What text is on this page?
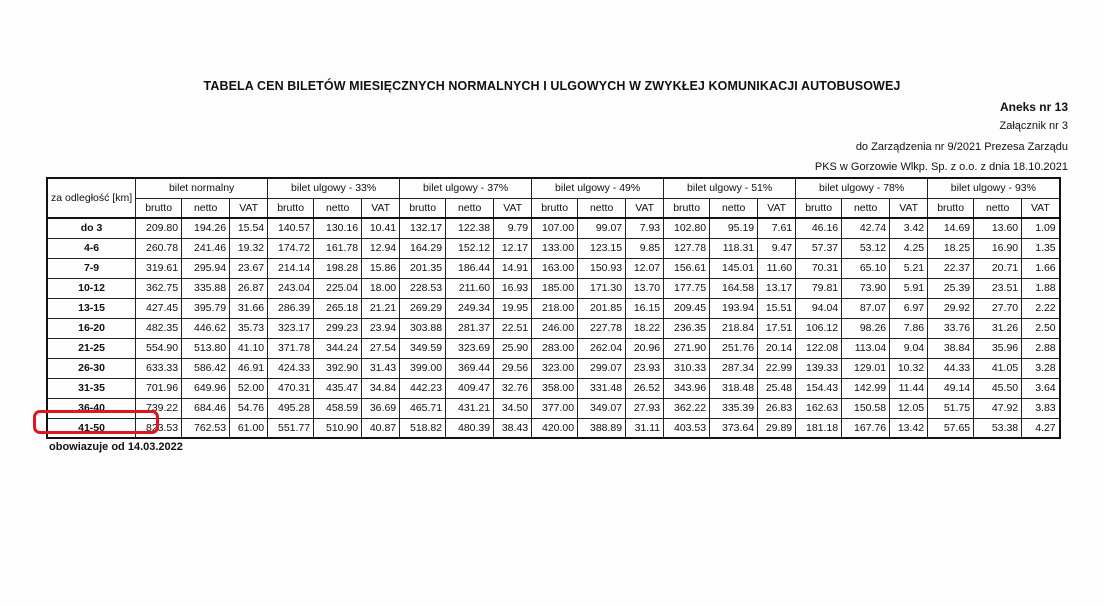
TABELA CEN BILETÓW MIESIĘCZNYCH NORMALNYCH I ULGOWYCH W ZWYKŁEJ KOMUNIKACJI AUTOBUSOWEJ
Aneks nr 13
Załącznik nr 3
do Zarządzenia nr 9/2021 Prezesa Zarządu
PKS w Gorzowie Wlkp. Sp. z o.o. z dnia 18.10.2021
za odległość [km]	bilet normalny			bilet ulgowy - 33%			bilet ulgowy - 37%			bilet ulgowy - 49%			bilet ulgowy - 51%			bilet ulgowy - 78%			bilet ulgowy - 93%		
	brutto	netto	VAT	brutto	netto	VAT	brutto	netto	VAT	brutto	netto	VAT	brutto	netto	VAT	brutto	netto	VAT	brutto	netto	VAT
do 3	209.80	194.26	15.54	140.57	130.16	10.41	132.17	122.38	9.79	107.00	99.07	7.93	102.80	95.19	7.61	46.16	42.74	3.42	14.69	13.60	1.09
4-6	260.78	241.46	19.32	174.72	161.78	12.94	164.29	152.12	12.17	133.00	123.15	9.85	127.78	118.31	9.47	57.37	53.12	4.25	18.25	16.90	1.35
7-9	319.61	295.94	23.67	214.14	198.28	15.86	201.35	186.44	14.91	163.00	150.93	12.07	156.61	145.01	11.60	70.31	65.10	5.21	22.37	20.71	1.66
10-12	362.75	335.88	26.87	243.04	225.04	18.00	228.53	211.60	16.93	185.00	171.30	13.70	177.75	164.58	13.17	79.81	73.90	5.91	25.39	23.51	1.88
13-15	427.45	395.79	31.66	286.39	265.18	21.21	269.29	249.34	19.95	218.00	201.85	16.15	209.45	193.94	15.51	94.04	87.07	6.97	29.92	27.70	2.22
16-20	482.35	446.62	35.73	323.17	299.23	23.94	303.88	281.37	22.51	246.00	227.78	18.22	236.35	218.84	17.51	106.12	98.26	7.86	33.76	31.26	2.50
21-25	554.90	513.80	41.10	371.78	344.24	27.54	349.59	323.69	25.90	283.00	262.04	20.96	271.90	251.76	20.14	122.08	113.04	9.04	38.84	35.96	2.88
26-30	633.33	586.42	46.91	424.33	392.90	31.43	399.00	369.44	29.56	323.00	299.07	23.93	310.33	287.34	22.99	139.33	129.01	10.32	44.33	41.05	3.28
31-35	701.96	649.96	52.00	470.31	435.47	34.84	442.23	409.47	32.76	358.00	331.48	26.52	343.96	318.48	25.48	154.43	142.99	11.44	49.14	45.50	3.64
36-40	739.22	684.46	54.76	495.28	458.59	36.69	465.71	431.21	34.50	377.00	349.07	27.93	362.22	335.39	26.83	162.63	150.58	12.05	51.75	47.92	3.83
41-50	823.53	762.53	61.00	551.77	510.90	40.87	518.82	480.39	38.43	420.00	388.89	31.11	403.53	373.64	29.89	181.18	167.76	13.42	57.65	53.38	4.27
obowiazuje od 14.03.2022
